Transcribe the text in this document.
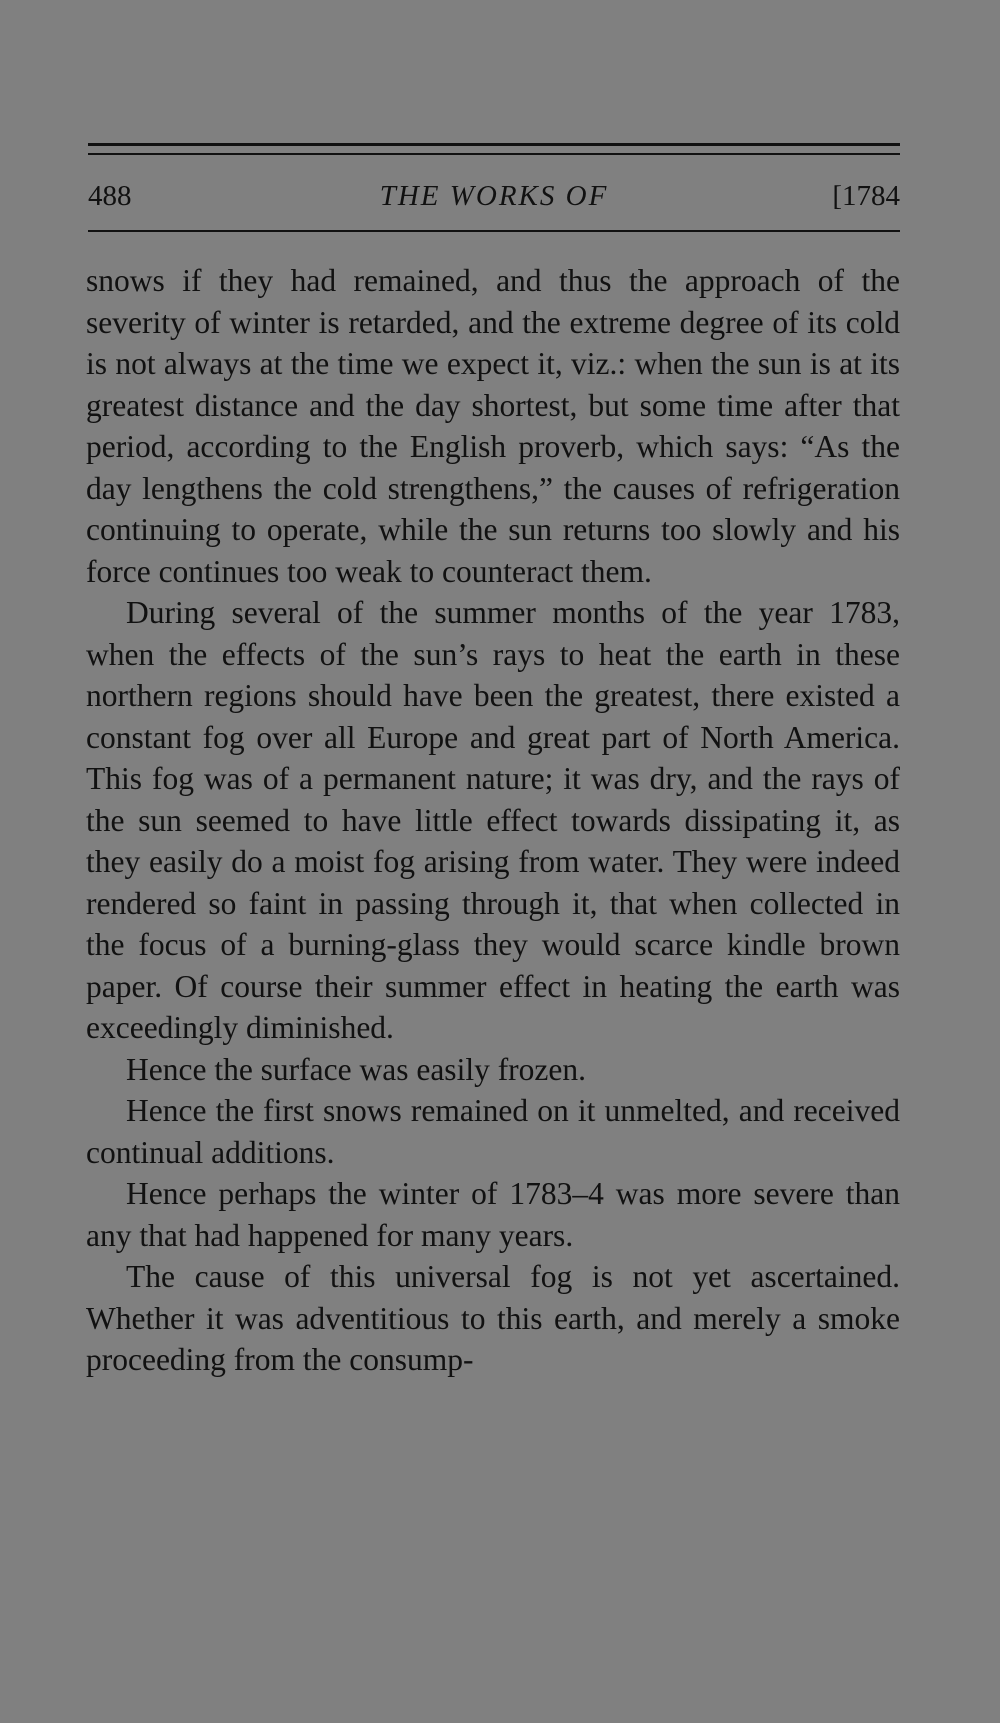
488	THE WORKS OF	[1784

snows if they had remained, and thus the approach of the severity of winter is retarded, and the extreme degree of its cold is not always at the time we expect it, viz.: when the sun is at its greatest distance and the day shortest, but some time after that period, according to the English proverb, which says: “As the day lengthens the cold strengthens,” the causes of refrigeration continuing to operate, while the sun returns too slowly and his force continues too weak to counteract them.

During several of the summer months of the year 1783, when the effects of the sun’s rays to heat the earth in these northern regions should have been the greatest, there existed a constant fog over all Europe and great part of North America. This fog was of a permanent nature; it was dry, and the rays of the sun seemed to have little effect towards dissipating it, as they easily do a moist fog arising from water. They were indeed rendered so faint in passing through it, that when collected in the focus of a burning-glass they would scarce kindle brown paper. Of course their summer effect in heating the earth was exceedingly diminished.

Hence the surface was easily frozen.

Hence the first snows remained on it unmelted, and received continual additions.

Hence perhaps the winter of 1783–4 was more severe than any that had happened for many years.

The cause of this universal fog is not yet ascertained. Whether it was adventitious to this earth, and merely a smoke proceeding from the consump-
